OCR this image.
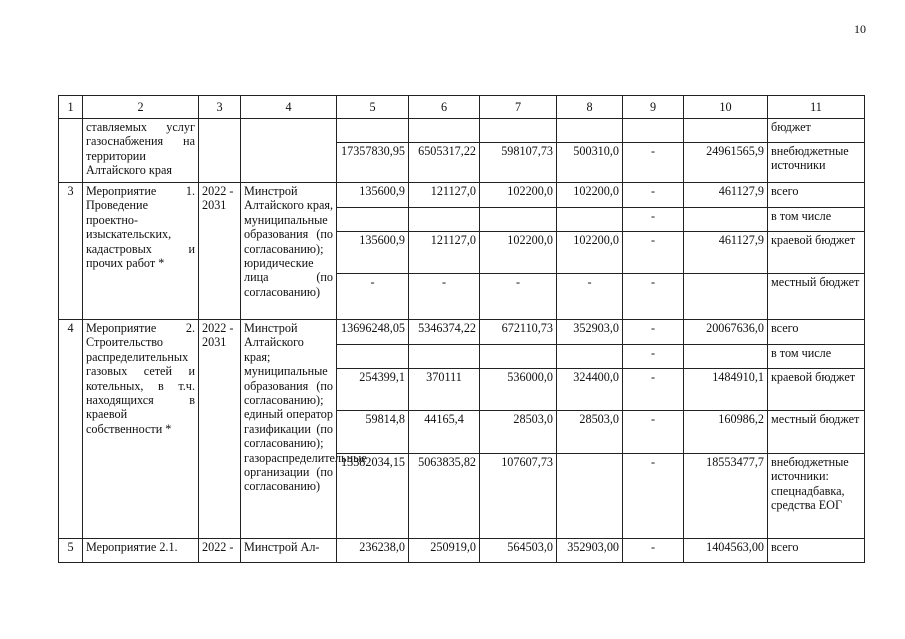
10
1	2	3	4	5	6	7	8	9	10	11
	ставляемых услуг газоснабжения на территории Алтайского края									бюджет
				17357830,95	6505317,22	598107,73	500310,0	-	24961565,9	внебюджетные источники
3	Мероприятие 1. Проведение проектно-изыскательских, кадастровых и прочих работ *	2022 - 2031	Минстрой Алтайского края, муниципальные образования (по согласованию); юридические лица (по согласованию)	135600,9	121127,0	102200,0	102200,0	-	461127,9	всего
								-		в том числе
				135600,9	121127,0	102200,0	102200,0	-	461127,9	краевой бюджет
				-	-	-	-	-		местный бюджет
4	Мероприятие 2. Строительство распределительных газовых сетей и котельных, в т.ч. находящихся в краевой собственности *	2022 - 2031	Минстрой Алтайского края; муниципальные образования (по согласованию); единый оператор газификации (по согласованию); газораспределительные организации (по согласованию)	13696248,05	5346374,22	672110,73	352903,0	-	20067636,0	всего
								-		в том числе
				254399,1	370111	536000,0	324400,0	-	1484910,1	краевой бюджет
				59814,8	44165,4	28503,0	28503,0	-	160986,2	местный бюджет
				13382034,15	5063835,82	107607,73		-	18553477,7	внебюджетные источники: спецнадбавка, средства ЕОГ
5	Мероприятие 2.1.	2022 -	Минстрой Ал-	236238,0	250919,0	564503,0	352903,00	-	1404563,00	всего
